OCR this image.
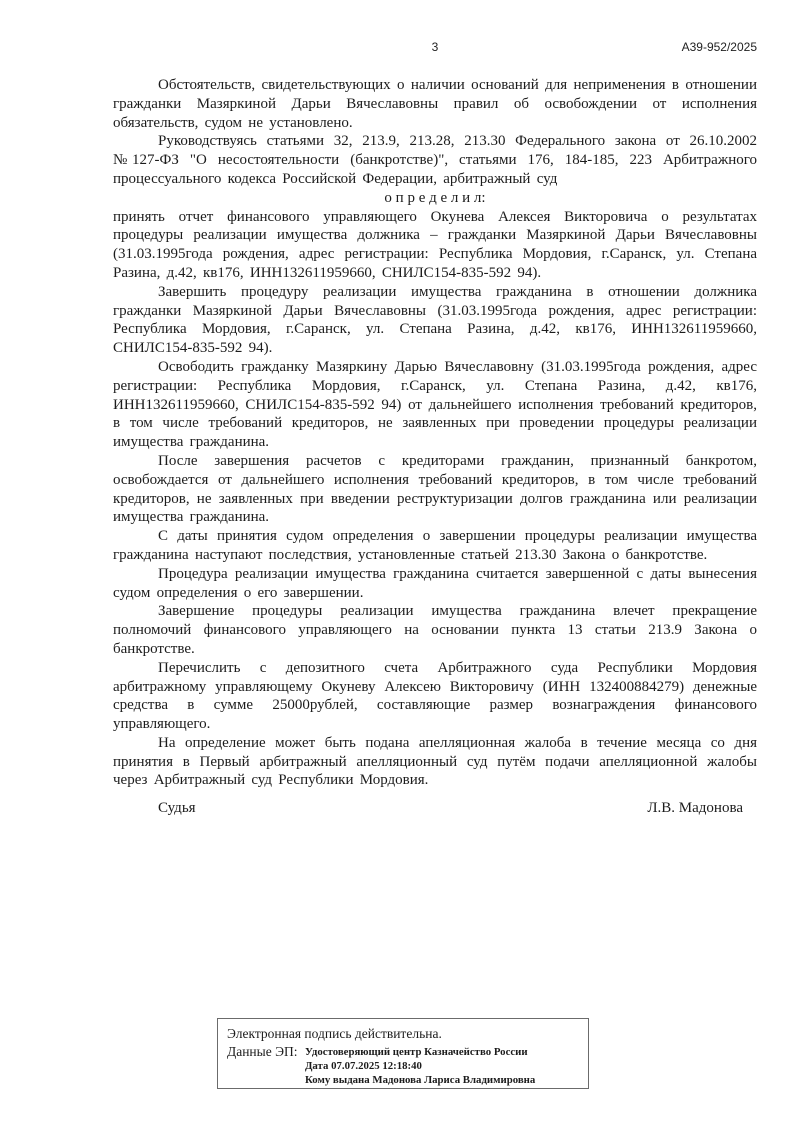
3	А39-952/2025

Обстоятельств, свидетельствующих о наличии оснований для неприменения в отношении гражданки Мазяркиной Дарьи Вячеславовны правил об освобождении от исполнения обязательств, судом не установлено.

Руководствуясь статьями 32, 213.9, 213.28, 213.30 Федерального закона от 26.10.2002 №127-ФЗ "О несостоятельности (банкротстве)", статьями 176, 184-185, 223 Арбитражного процессуального кодекса Российской Федерации, арбитражный суд

о п р е д е л и л:

принять отчет финансового управляющего Окунева Алексея Викторовича о результатах процедуры реализации имущества должника – гражданки Мазяркиной Дарьи Вячеславовны (31.03.1995года рождения, адрес регистрации: Республика Мордовия, г.Саранск, ул. Степана Разина, д.42, кв176, ИНН132611959660, СНИЛС154-835-592 94).

Завершить процедуру реализации имущества гражданина в отношении должника гражданки Мазяркиной Дарьи Вячеславовны (31.03.1995года рождения, адрес регистрации: Республика Мордовия, г.Саранск, ул. Степана Разина, д.42, кв176, ИНН132611959660, СНИЛС154-835-592 94).

Освободить гражданку Мазяркину Дарью Вячеславовну (31.03.1995года рождения, адрес регистрации: Республика Мордовия, г.Саранск, ул. Степана Разина, д.42, кв176, ИНН132611959660, СНИЛС154-835-592 94) от дальнейшего исполнения требований кредиторов, в том числе требований кредиторов, не заявленных при проведении процедуры реализации имущества гражданина.

После завершения расчетов с кредиторами гражданин, признанный банкротом, освобождается от дальнейшего исполнения требований кредиторов, в том числе требований кредиторов, не заявленных при введении реструктуризации долгов гражданина или реализации имущества гражданина.

С даты принятия судом определения о завершении процедуры реализации имущества гражданина наступают последствия, установленные статьей 213.30 Закона о банкротстве.

Процедура реализации имущества гражданина считается завершенной с даты вынесения судом определения о его завершении.

Завершение процедуры реализации имущества гражданина влечет прекращение полномочий финансового управляющего на основании пункта 13 статьи 213.9 Закона о банкротстве.

Перечислить с депозитного счета Арбитражного суда Республики Мордовия арбитражному управляющему Окуневу Алексею Викторовичу (ИНН 132400884279) денежные средства в сумме 25000рублей, составляющие размер вознаграждения финансового управляющего.

На определение может быть подана апелляционная жалоба в течение месяца со дня принятия в Первый арбитражный апелляционный суд путём подачи апелляционной жалобы через Арбитражный суд Республики Мордовия.

Судья	Л.В. Мадонова
Электронная подпись действительна.
Данные ЭП: Удостоверяющий центр Казначейство России
Дата 07.07.2025 12:18:40
Кому выдана Мадонова Лариса Владимировна
